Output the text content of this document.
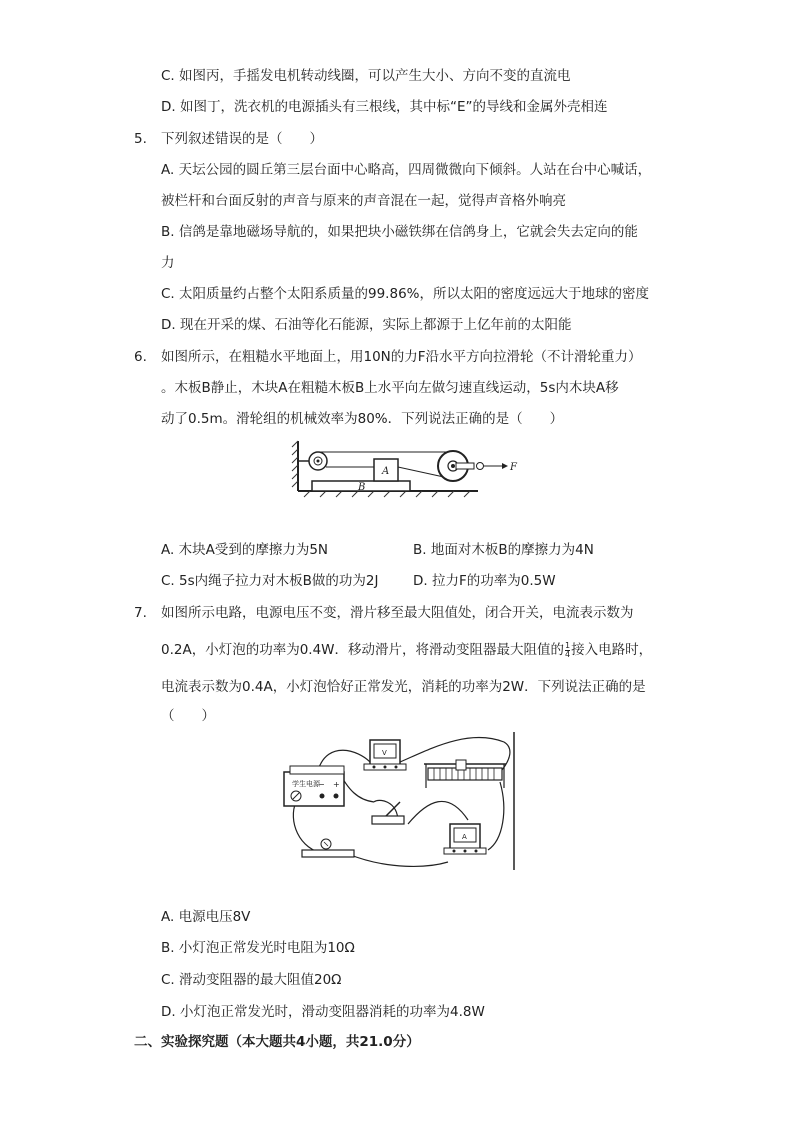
C. 如图丙，手摇发电机转动线圈，可以产生大小、方向不变的直流电
D. 如图丁，洗衣机的电源插头有三根线，其中标“E”的导线和金属外壳相连
5. 下列叙述错误的是（　　）
A. 天坛公园的圆丘第三层台面中心略高，四周微微向下倾斜。人站在台中心喊话，
被栏杆和台面反射的声音与原来的声音混在一起，觉得声音格外响亮
B. 信鸽是靠地磁场导航的，如果把块小磁铁绑在信鸽身上，它就会失去定向的能
力
C. 太阳质量约占整个太阳系质量的99.86%，所以太阳的密度远远大于地球的密度
D. 现在开采的煤、石油等化石能源，实际上都源于上亿年前的太阳能
6. 如图所示，在粗糙水平地面上，用10N的力F沿水平方向拉滑轮（不计滑轮重力）
。木板B静止，木块A在粗糙木板B上水平向左做匀速直线运动，5s内木块A移
动了0.5m。滑轮组的机械效率为80%．下列说法正确的是（　　）
B
A	F
A. 木块A受到的摩擦力为5N	B. 地面对木板B的摩擦力为4N
C. 5s内绳子拉力对木板B做的功为2J	D. 拉力F的功率为0.5W
7. 如图所示电路，电源电压不变，滑片移至最大阻值处，闭合开关，电流表示数为
0.2A，小灯泡的功率为0.4W．移动滑片，将滑动变阻器最大阻值的 $\frac{1}{4}$ 接入电路时，
电流表示数为0.4A，小灯泡恰好正常发光，消耗的功率为2W．下列说法正确的是
（　　）
学生电源
− +
V
A
A. 电源电压8V
B. 小灯泡正常发光时电阻为10Ω
C. 滑动变阻器的最大阻值20Ω
D. 小灯泡正常发光时，滑动变阻器消耗的功率为4.8W
二、实验探究题（本大题共4小题，共21.0分）
